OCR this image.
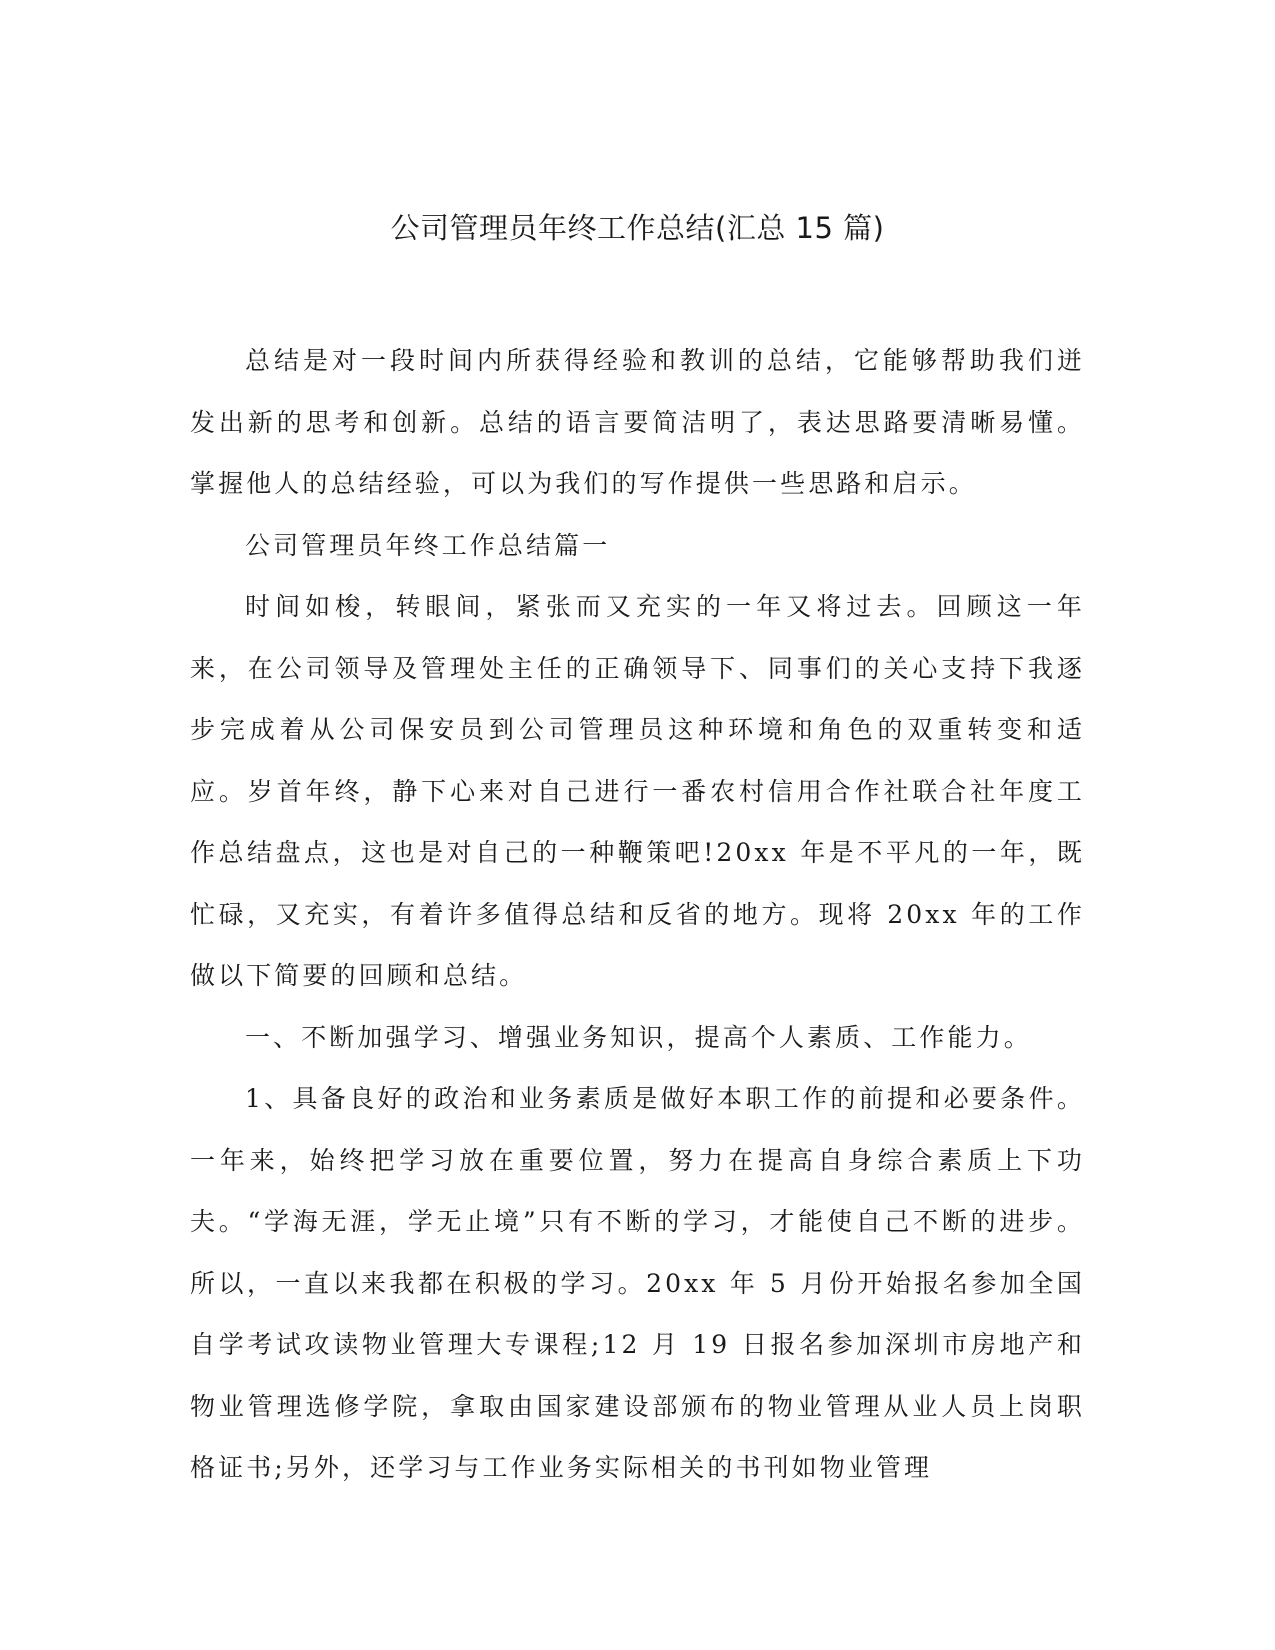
公司管理员年终工作总结(汇总 15 篇)

总结是对一段时间内所获得经验和教训的总结，它能够帮助我们迸发出新的思考和创新。总结的语言要简洁明了，表达思路要清晰易懂。掌握他人的总结经验，可以为我们的写作提供一些思路和启示。

公司管理员年终工作总结篇一

时间如梭，转眼间，紧张而又充实的一年又将过去。回顾这一年来，在公司领导及管理处主任的正确领导下、同事们的关心支持下我逐步完成着从公司保安员到公司管理员这种环境和角色的双重转变和适应。岁首年终，静下心来对自己进行一番农村信用合作社联合社年度工作总结盘点，这也是对自己的一种鞭策吧!20xx 年是不平凡的一年，既忙碌，又充实，有着许多值得总结和反省的地方。现将 20xx 年的工作做以下简要的回顾和总结。

一、不断加强学习、增强业务知识，提高个人素质、工作能力。

1、具备良好的政治和业务素质是做好本职工作的前提和必要条件。一年来，始终把学习放在重要位置，努力在提高自身综合素质上下功夫。“学海无涯，学无止境”只有不断的学习，才能使自己不断的进步。所以，一直以来我都在积极的学习。20xx 年 5 月份开始报名参加全国自学考试攻读物业管理大专课程;12 月 19 日报名参加深圳市房地产和物业管理选修学院，拿取由国家建设部颁布的物业管理从业人员上岗职格证书;另外，还学习与工作业务实际相关的书刊如物业管理
